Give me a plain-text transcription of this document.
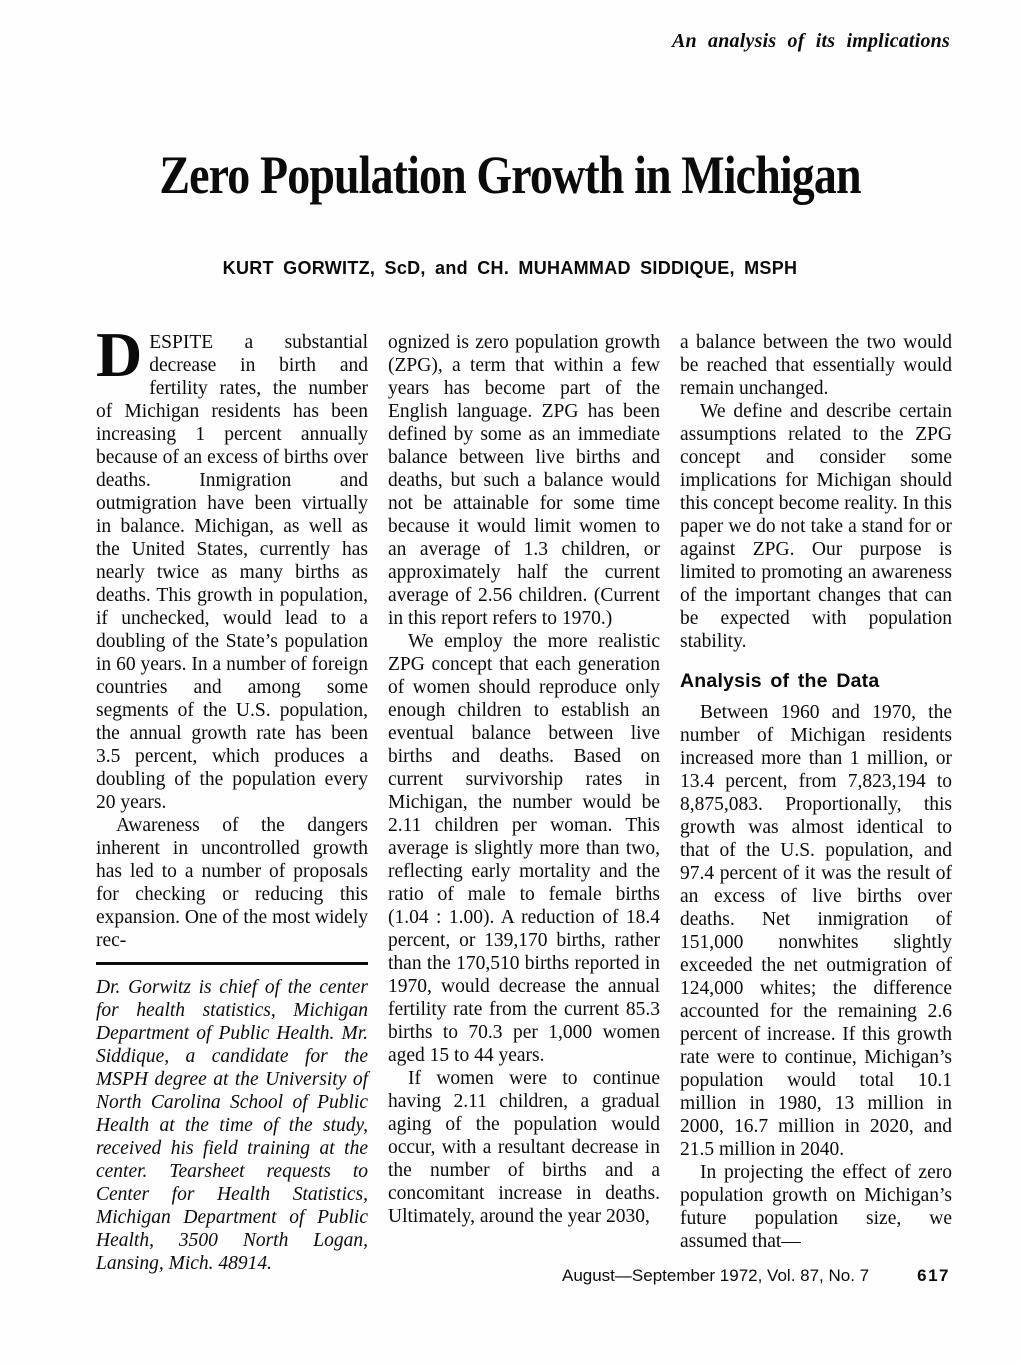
An analysis of its implications
Zero Population Growth in Michigan
KURT GORWITZ, ScD, and CH. MUHAMMAD SIDDIQUE, MSPH

DESPITE a substantial decrease in birth and fertility rates, the number of Michigan residents has been increasing 1 percent annually because of an excess of births over deaths. Inmigration and outmigration have been virtually in balance. Michigan, as well as the United States, currently has nearly twice as many births as deaths. This growth in population, if unchecked, would lead to a doubling of the State’s population in 60 years. In a number of foreign countries and among some segments of the U.S. population, the annual growth rate has been 3.5 percent, which produces a doubling of the population every 20 years.

Awareness of the dangers inherent in uncontrolled growth has led to a number of proposals for checking or reducing this expansion. One of the most widely rec-

Dr. Gorwitz is chief of the center for health statistics, Michigan Department of Public Health. Mr. Siddique, a candidate for the MSPH degree at the University of North Carolina School of Public Health at the time of the study, received his field training at the center. Tearsheet requests to Center for Health Statistics, Michigan Department of Public Health, 3500 North Logan, Lansing, Mich. 48914.

ognized is zero population growth (ZPG), a term that within a few years has become part of the English language. ZPG has been defined by some as an immediate balance between live births and deaths, but such a balance would not be attainable for some time because it would limit women to an average of 1.3 children, or approximately half the current average of 2.56 children. (Current in this report refers to 1970.)

We employ the more realistic ZPG concept that each generation of women should reproduce only enough children to establish an eventual balance between live births and deaths. Based on current survivorship rates in Michigan, the number would be 2.11 children per woman. This average is slightly more than two, reflecting early mortality and the ratio of male to female births (1.04 : 1.00). A reduction of 18.4 percent, or 139,170 births, rather than the 170,510 births reported in 1970, would decrease the annual fertility rate from the current 85.3 births to 70.3 per 1,000 women aged 15 to 44 years.

If women were to continue having 2.11 children, a gradual aging of the population would occur, with a resultant decrease in the number of births and a concomitant increase in deaths. Ultimately, around the year 2030,

a balance between the two would be reached that essentially would remain unchanged.

We define and describe certain assumptions related to the ZPG concept and consider some implications for Michigan should this concept become reality. In this paper we do not take a stand for or against ZPG. Our purpose is limited to promoting an awareness of the important changes that can be expected with population stability.

Analysis of the Data

Between 1960 and 1970, the number of Michigan residents increased more than 1 million, or 13.4 percent, from 7,823,194 to 8,875,083. Proportionally, this growth was almost identical to that of the U.S. population, and 97.4 percent of it was the result of an excess of live births over deaths. Net inmigration of 151,000 nonwhites slightly exceeded the net outmigration of 124,000 whites; the difference accounted for the remaining 2.6 percent of increase. If this growth rate were to continue, Michigan’s population would total 10.1 million in 1980, 13 million in 2000, 16.7 million in 2020, and 21.5 million in 2040.

In projecting the effect of zero population growth on Michigan’s future population size, we assumed that—

August—September 1972, Vol. 87, No. 7	617
